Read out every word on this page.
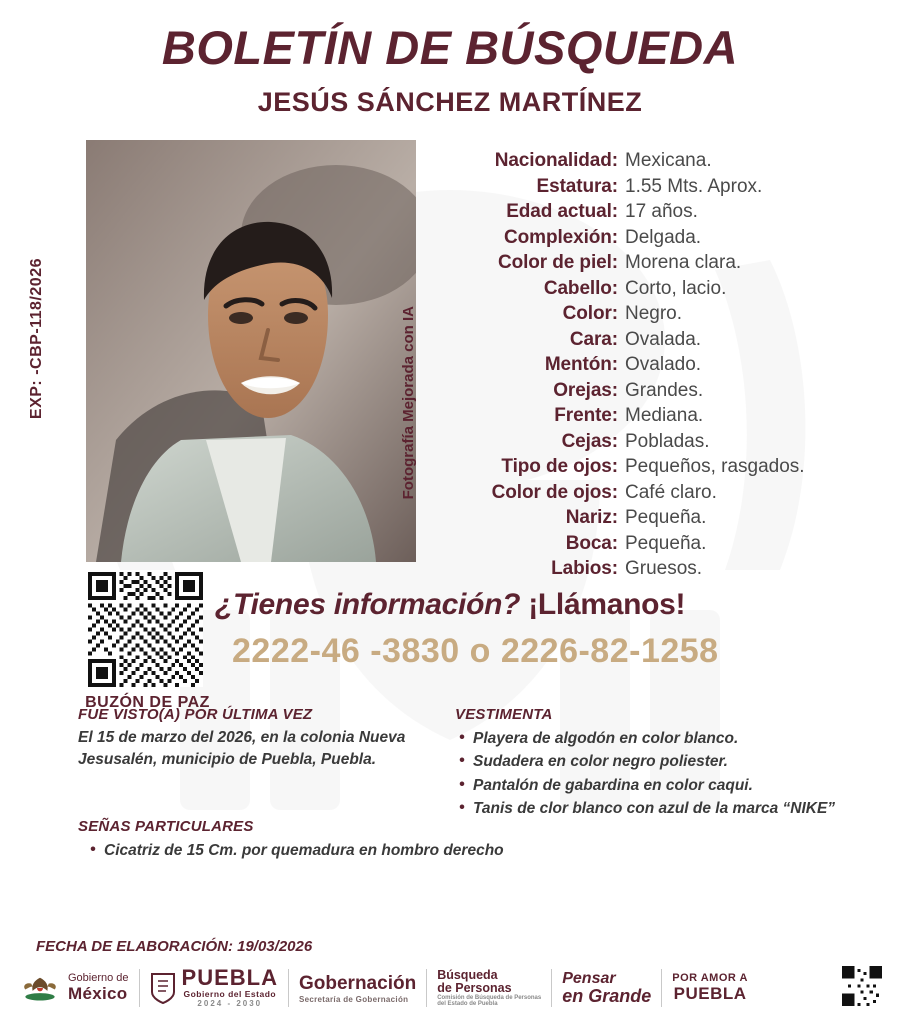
BOLETÍN DE BÚSQUEDA
JESÚS SÁNCHEZ MARTÍNEZ
EXP: -CBP-118/2026	Fotografía Mejorada con IA
Nacionalidad: Mexicana.
Estatura: 1.55 Mts. Aprox.
Edad actual: 17 años.
Complexión: Delgada.
Color de piel: Morena clara.
Cabello: Corto, lacio.
Color: Negro.
Cara: Ovalada.
Mentón: Ovalado.
Orejas: Grandes.
Frente: Mediana.
Cejas: Pobladas.
Tipo de ojos: Pequeños, rasgados.
Color de ojos: Café claro.
Nariz: Pequeña.
Boca: Pequeña.
Labios: Gruesos.
BUZÓN DE PAZ
¿Tienes información? ¡Llámanos!
2222-46 -3830 o 2226-82-1258
FUE VISTO(A) POR ÚLTIMA VEZ
El 15 de marzo del 2026, en la colonia Nueva Jesusalén, municipio de Puebla, Puebla.
VESTIMENTA
• Playera de algodón en color blanco.
• Sudadera en color negro poliester.
• Pantalón de gabardina en color caqui.
• Tanis de clor blanco con azul de la marca “NIKE”
SEÑAS PARTICULARES
• Cicatriz de 15 Cm. por quemadura en hombro derecho
FECHA DE ELABORACIÓN: 19/03/2026
Gobierno de
México
PUEBLA
Gobierno del Estado
2024 - 2030
Gobernación
Secretaría de Gobernación
Búsqueda
de Personas
Comisión de Búsqueda de Personas
del Estado de Puebla
Pensar
en Grande
POR AMOR A
PUEBLA
